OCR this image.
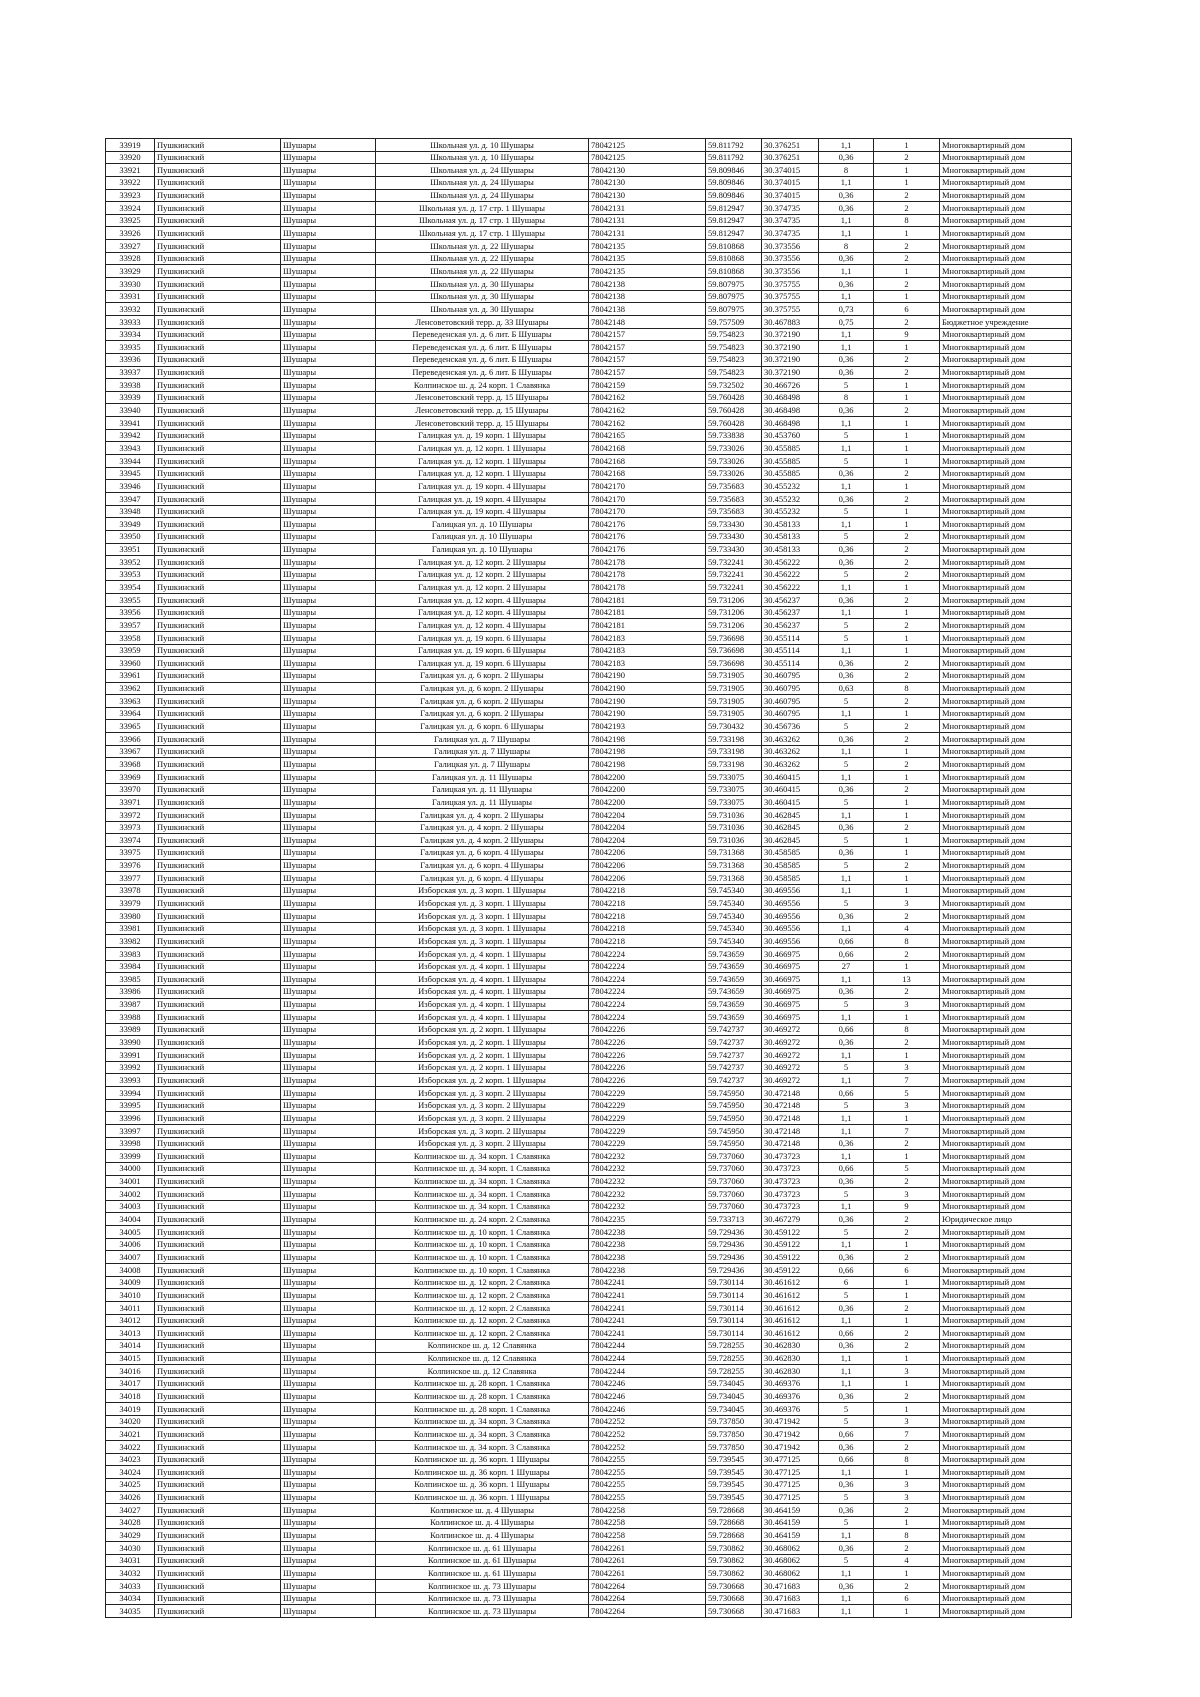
33919	Пушкинский	Шушары	Школьная ул. д. 10 Шушары	78042125	59.811792	30.376251	1,1	1	Многоквартирный дом
33920	Пушкинский	Шушары	Школьная ул. д. 10 Шушары	78042125	59.811792	30.376251	0,36	2	Многоквартирный дом
33921	Пушкинский	Шушары	Школьная ул. д. 24 Шушары	78042130	59.809846	30.374015	8	1	Многоквартирный дом
33922	Пушкинский	Шушары	Школьная ул. д. 24 Шушары	78042130	59.809846	30.374015	1,1	1	Многоквартирный дом
33923	Пушкинский	Шушары	Школьная ул. д. 24 Шушары	78042130	59.809846	30.374015	0,36	2	Многоквартирный дом
33924	Пушкинский	Шушары	Школьная ул. д. 17 стр. 1 Шушары	78042131	59.812947	30.374735	0,36	2	Многоквартирный дом
33925	Пушкинский	Шушары	Школьная ул. д. 17 стр. 1 Шушары	78042131	59.812947	30.374735	1,1	8	Многоквартирный дом
33926	Пушкинский	Шушары	Школьная ул. д. 17 стр. 1 Шушары	78042131	59.812947	30.374735	1,1	1	Многоквартирный дом
33927	Пушкинский	Шушары	Школьная ул. д. 22 Шушары	78042135	59.810868	30.373556	8	2	Многоквартирный дом
33928	Пушкинский	Шушары	Школьная ул. д. 22 Шушары	78042135	59.810868	30.373556	0,36	2	Многоквартирный дом
33929	Пушкинский	Шушары	Школьная ул. д. 22 Шушары	78042135	59.810868	30.373556	1,1	1	Многоквартирный дом
33930	Пушкинский	Шушары	Школьная ул. д. 30 Шушары	78042138	59.807975	30.375755	0,36	2	Многоквартирный дом
33931	Пушкинский	Шушары	Школьная ул. д. 30 Шушары	78042138	59.807975	30.375755	1,1	1	Многоквартирный дом
33932	Пушкинский	Шушары	Школьная ул. д. 30 Шушары	78042138	59.807975	30.375755	0,73	6	Многоквартирный дом
33933	Пушкинский	Шушары	Ленсоветовский терр. д. 33 Шушары	78042148	59.757509	30.467883	0,75	2	Бюджетное учреждение
33934	Пушкинский	Шушары	Переведенская ул. д. 6 лит. Б Шушары	78042157	59.754823	30.372190	1,1	9	Многоквартирный дом
33935	Пушкинский	Шушары	Переведенская ул. д. 6 лит. Б Шушары	78042157	59.754823	30.372190	1,1	1	Многоквартирный дом
33936	Пушкинский	Шушары	Переведенская ул. д. 6 лит. Б Шушары	78042157	59.754823	30.372190	0,36	2	Многоквартирный дом
33937	Пушкинский	Шушары	Переведенская ул. д. 6 лит. Б Шушары	78042157	59.754823	30.372190	0,36	2	Многоквартирный дом
33938	Пушкинский	Шушары	Колпинское ш. д. 24 корп. 1 Славянка	78042159	59.732502	30.466726	5	1	Многоквартирный дом
33939	Пушкинский	Шушары	Ленсоветовский терр. д. 15 Шушары	78042162	59.760428	30.468498	8	1	Многоквартирный дом
33940	Пушкинский	Шушары	Ленсоветовский терр. д. 15 Шушары	78042162	59.760428	30.468498	0,36	2	Многоквартирный дом
33941	Пушкинский	Шушары	Ленсоветовский терр. д. 15 Шушары	78042162	59.760428	30.468498	1,1	1	Многоквартирный дом
33942	Пушкинский	Шушары	Галицкая ул. д. 19 корп. 1 Шушары	78042165	59.733838	30.453760	5	1	Многоквартирный дом
33943	Пушкинский	Шушары	Галицкая ул. д. 12 корп. 1 Шушары	78042168	59.733026	30.455885	1,1	1	Многоквартирный дом
33944	Пушкинский	Шушары	Галицкая ул. д. 12 корп. 1 Шушары	78042168	59.733026	30.455885	5	1	Многоквартирный дом
33945	Пушкинский	Шушары	Галицкая ул. д. 12 корп. 1 Шушары	78042168	59.733026	30.455885	0,36	2	Многоквартирный дом
33946	Пушкинский	Шушары	Галицкая ул. д. 19 корп. 4 Шушары	78042170	59.735683	30.455232	1,1	1	Многоквартирный дом
33947	Пушкинский	Шушары	Галицкая ул. д. 19 корп. 4 Шушары	78042170	59.735683	30.455232	0,36	2	Многоквартирный дом
33948	Пушкинский	Шушары	Галицкая ул. д. 19 корп. 4 Шушары	78042170	59.735683	30.455232	5	1	Многоквартирный дом
33949	Пушкинский	Шушары	Галицкая ул. д. 10 Шушары	78042176	59.733430	30.458133	1,1	1	Многоквартирный дом
33950	Пушкинский	Шушары	Галицкая ул. д. 10 Шушары	78042176	59.733430	30.458133	5	2	Многоквартирный дом
33951	Пушкинский	Шушары	Галицкая ул. д. 10 Шушары	78042176	59.733430	30.458133	0,36	2	Многоквартирный дом
33952	Пушкинский	Шушары	Галицкая ул. д. 12 корп. 2 Шушары	78042178	59.732241	30.456222	0,36	2	Многоквартирный дом
33953	Пушкинский	Шушары	Галицкая ул. д. 12 корп. 2 Шушары	78042178	59.732241	30.456222	5	2	Многоквартирный дом
33954	Пушкинский	Шушары	Галицкая ул. д. 12 корп. 2 Шушары	78042178	59.732241	30.456222	1,1	1	Многоквартирный дом
33955	Пушкинский	Шушары	Галицкая ул. д. 12 корп. 4 Шушары	78042181	59.731206	30.456237	0,36	2	Многоквартирный дом
33956	Пушкинский	Шушары	Галицкая ул. д. 12 корп. 4 Шушары	78042181	59.731206	30.456237	1,1	1	Многоквартирный дом
33957	Пушкинский	Шушары	Галицкая ул. д. 12 корп. 4 Шушары	78042181	59.731206	30.456237	5	2	Многоквартирный дом
33958	Пушкинский	Шушары	Галицкая ул. д. 19 корп. 6 Шушары	78042183	59.736698	30.455114	5	1	Многоквартирный дом
33959	Пушкинский	Шушары	Галицкая ул. д. 19 корп. 6 Шушары	78042183	59.736698	30.455114	1,1	1	Многоквартирный дом
33960	Пушкинский	Шушары	Галицкая ул. д. 19 корп. 6 Шушары	78042183	59.736698	30.455114	0,36	2	Многоквартирный дом
33961	Пушкинский	Шушары	Галицкая ул. д. 6 корп. 2 Шушары	78042190	59.731905	30.460795	0,36	2	Многоквартирный дом
33962	Пушкинский	Шушары	Галицкая ул. д. 6 корп. 2 Шушары	78042190	59.731905	30.460795	0,63	8	Многоквартирный дом
33963	Пушкинский	Шушары	Галицкая ул. д. 6 корп. 2 Шушары	78042190	59.731905	30.460795	5	2	Многоквартирный дом
33964	Пушкинский	Шушары	Галицкая ул. д. 6 корп. 2 Шушары	78042190	59.731905	30.460795	1,1	1	Многоквартирный дом
33965	Пушкинский	Шушары	Галицкая ул. д. 6 корп. 6 Шушары	78042193	59.730432	30.456736	5	2	Многоквартирный дом
33966	Пушкинский	Шушары	Галицкая ул. д. 7 Шушары	78042198	59.733198	30.463262	0,36	2	Многоквартирный дом
33967	Пушкинский	Шушары	Галицкая ул. д. 7 Шушары	78042198	59.733198	30.463262	1,1	1	Многоквартирный дом
33968	Пушкинский	Шушары	Галицкая ул. д. 7 Шушары	78042198	59.733198	30.463262	5	2	Многоквартирный дом
33969	Пушкинский	Шушары	Галицкая ул. д. 11 Шушары	78042200	59.733075	30.460415	1,1	1	Многоквартирный дом
33970	Пушкинский	Шушары	Галицкая ул. д. 11 Шушары	78042200	59.733075	30.460415	0,36	2	Многоквартирный дом
33971	Пушкинский	Шушары	Галицкая ул. д. 11 Шушары	78042200	59.733075	30.460415	5	1	Многоквартирный дом
33972	Пушкинский	Шушары	Галицкая ул. д. 4 корп. 2 Шушары	78042204	59.731036	30.462845	1,1	1	Многоквартирный дом
33973	Пушкинский	Шушары	Галицкая ул. д. 4 корп. 2 Шушары	78042204	59.731036	30.462845	0,36	2	Многоквартирный дом
33974	Пушкинский	Шушары	Галицкая ул. д. 4 корп. 2 Шушары	78042204	59.731036	30.462845	5	1	Многоквартирный дом
33975	Пушкинский	Шушары	Галицкая ул. д. 6 корп. 4 Шушары	78042206	59.731368	30.458585	0,36	1	Многоквартирный дом
33976	Пушкинский	Шушары	Галицкая ул. д. 6 корп. 4 Шушары	78042206	59.731368	30.458585	5	2	Многоквартирный дом
33977	Пушкинский	Шушары	Галицкая ул. д. 6 корп. 4 Шушары	78042206	59.731368	30.458585	1,1	1	Многоквартирный дом
33978	Пушкинский	Шушары	Изборская ул. д. 3 корп. 1 Шушары	78042218	59.745340	30.469556	1,1	1	Многоквартирный дом
33979	Пушкинский	Шушары	Изборская ул. д. 3 корп. 1 Шушары	78042218	59.745340	30.469556	5	3	Многоквартирный дом
33980	Пушкинский	Шушары	Изборская ул. д. 3 корп. 1 Шушары	78042218	59.745340	30.469556	0,36	2	Многоквартирный дом
33981	Пушкинский	Шушары	Изборская ул. д. 3 корп. 1 Шушары	78042218	59.745340	30.469556	1,1	4	Многоквартирный дом
33982	Пушкинский	Шушары	Изборская ул. д. 3 корп. 1 Шушары	78042218	59.745340	30.469556	0,66	8	Многоквартирный дом
33983	Пушкинский	Шушары	Изборская ул. д. 4 корп. 1 Шушары	78042224	59.743659	30.466975	0,66	2	Многоквартирный дом
33984	Пушкинский	Шушары	Изборская ул. д. 4 корп. 1 Шушары	78042224	59.743659	30.466975	27	1	Многоквартирный дом
33985	Пушкинский	Шушары	Изборская ул. д. 4 корп. 1 Шушары	78042224	59.743659	30.466975	1,1	13	Многоквартирный дом
33986	Пушкинский	Шушары	Изборская ул. д. 4 корп. 1 Шушары	78042224	59.743659	30.466975	0,36	2	Многоквартирный дом
33987	Пушкинский	Шушары	Изборская ул. д. 4 корп. 1 Шушары	78042224	59.743659	30.466975	5	3	Многоквартирный дом
33988	Пушкинский	Шушары	Изборская ул. д. 4 корп. 1 Шушары	78042224	59.743659	30.466975	1,1	1	Многоквартирный дом
33989	Пушкинский	Шушары	Изборская ул. д. 2 корп. 1 Шушары	78042226	59.742737	30.469272	0,66	8	Многоквартирный дом
33990	Пушкинский	Шушары	Изборская ул. д. 2 корп. 1 Шушары	78042226	59.742737	30.469272	0,36	2	Многоквартирный дом
33991	Пушкинский	Шушары	Изборская ул. д. 2 корп. 1 Шушары	78042226	59.742737	30.469272	1,1	1	Многоквартирный дом
33992	Пушкинский	Шушары	Изборская ул. д. 2 корп. 1 Шушары	78042226	59.742737	30.469272	5	3	Многоквартирный дом
33993	Пушкинский	Шушары	Изборская ул. д. 2 корп. 1 Шушары	78042226	59.742737	30.469272	1,1	7	Многоквартирный дом
33994	Пушкинский	Шушары	Изборская ул. д. 3 корп. 2 Шушары	78042229	59.745950	30.472148	0,66	5	Многоквартирный дом
33995	Пушкинский	Шушары	Изборская ул. д. 3 корп. 2 Шушары	78042229	59.745950	30.472148	5	3	Многоквартирный дом
33996	Пушкинский	Шушары	Изборская ул. д. 3 корп. 2 Шушары	78042229	59.745950	30.472148	1,1	1	Многоквартирный дом
33997	Пушкинский	Шушары	Изборская ул. д. 3 корп. 2 Шушары	78042229	59.745950	30.472148	1,1	7	Многоквартирный дом
33998	Пушкинский	Шушары	Изборская ул. д. 3 корп. 2 Шушары	78042229	59.745950	30.472148	0,36	2	Многоквартирный дом
33999	Пушкинский	Шушары	Колпинское ш. д. 34 корп. 1 Славянка	78042232	59.737060	30.473723	1,1	1	Многоквартирный дом
34000	Пушкинский	Шушары	Колпинское ш. д. 34 корп. 1 Славянка	78042232	59.737060	30.473723	0,66	5	Многоквартирный дом
34001	Пушкинский	Шушары	Колпинское ш. д. 34 корп. 1 Славянка	78042232	59.737060	30.473723	0,36	2	Многоквартирный дом
34002	Пушкинский	Шушары	Колпинское ш. д. 34 корп. 1 Славянка	78042232	59.737060	30.473723	5	3	Многоквартирный дом
34003	Пушкинский	Шушары	Колпинское ш. д. 34 корп. 1 Славянка	78042232	59.737060	30.473723	1,1	9	Многоквартирный дом
34004	Пушкинский	Шушары	Колпинское ш. д. 24 корп. 2 Славянка	78042235	59.733713	30.467279	0,36	2	Юридическое лицо
34005	Пушкинский	Шушары	Колпинское ш. д. 10 корп. 1 Славянка	78042238	59.729436	30.459122	5	2	Многоквартирный дом
34006	Пушкинский	Шушары	Колпинское ш. д. 10 корп. 1 Славянка	78042238	59.729436	30.459122	1,1	1	Многоквартирный дом
34007	Пушкинский	Шушары	Колпинское ш. д. 10 корп. 1 Славянка	78042238	59.729436	30.459122	0,36	2	Многоквартирный дом
34008	Пушкинский	Шушары	Колпинское ш. д. 10 корп. 1 Славянка	78042238	59.729436	30.459122	0,66	6	Многоквартирный дом
34009	Пушкинский	Шушары	Колпинское ш. д. 12 корп. 2 Славянка	78042241	59.730114	30.461612	6	1	Многоквартирный дом
34010	Пушкинский	Шушары	Колпинское ш. д. 12 корп. 2 Славянка	78042241	59.730114	30.461612	5	1	Многоквартирный дом
34011	Пушкинский	Шушары	Колпинское ш. д. 12 корп. 2 Славянка	78042241	59.730114	30.461612	0,36	2	Многоквартирный дом
34012	Пушкинский	Шушары	Колпинское ш. д. 12 корп. 2 Славянка	78042241	59.730114	30.461612	1,1	1	Многоквартирный дом
34013	Пушкинский	Шушары	Колпинское ш. д. 12 корп. 2 Славянка	78042241	59.730114	30.461612	0,66	2	Многоквартирный дом
34014	Пушкинский	Шушары	Колпинское ш. д. 12 Славянка	78042244	59.728255	30.462830	0,36	2	Многоквартирный дом
34015	Пушкинский	Шушары	Колпинское ш. д. 12 Славянка	78042244	59.728255	30.462830	1,1	1	Многоквартирный дом
34016	Пушкинский	Шушары	Колпинское ш. д. 12 Славянка	78042244	59.728255	30.462830	1,1	3	Многоквартирный дом
34017	Пушкинский	Шушары	Колпинское ш. д. 28 корп. 1 Славянка	78042246	59.734045	30.469376	1,1	1	Многоквартирный дом
34018	Пушкинский	Шушары	Колпинское ш. д. 28 корп. 1 Славянка	78042246	59.734045	30.469376	0,36	2	Многоквартирный дом
34019	Пушкинский	Шушары	Колпинское ш. д. 28 корп. 1 Славянка	78042246	59.734045	30.469376	5	1	Многоквартирный дом
34020	Пушкинский	Шушары	Колпинское ш. д. 34 корп. 3 Славянка	78042252	59.737850	30.471942	5	3	Многоквартирный дом
34021	Пушкинский	Шушары	Колпинское ш. д. 34 корп. 3 Славянка	78042252	59.737850	30.471942	0,66	7	Многоквартирный дом
34022	Пушкинский	Шушары	Колпинское ш. д. 34 корп. 3 Славянка	78042252	59.737850	30.471942	0,36	2	Многоквартирный дом
34023	Пушкинский	Шушары	Колпинское ш. д. 36 корп. 1 Шушары	78042255	59.739545	30.477125	0,66	8	Многоквартирный дом
34024	Пушкинский	Шушары	Колпинское ш. д. 36 корп. 1 Шушары	78042255	59.739545	30.477125	1,1	1	Многоквартирный дом
34025	Пушкинский	Шушары	Колпинское ш. д. 36 корп. 1 Шушары	78042255	59.739545	30.477125	0,36	3	Многоквартирный дом
34026	Пушкинский	Шушары	Колпинское ш. д. 36 корп. 1 Шушары	78042255	59.739545	30.477125	5	3	Многоквартирный дом
34027	Пушкинский	Шушары	Колпинское ш. д. 4 Шушары	78042258	59.728668	30.464159	0,36	2	Многоквартирный дом
34028	Пушкинский	Шушары	Колпинское ш. д. 4 Шушары	78042258	59.728668	30.464159	5	1	Многоквартирный дом
34029	Пушкинский	Шушары	Колпинское ш. д. 4 Шушары	78042258	59.728668	30.464159	1,1	8	Многоквартирный дом
34030	Пушкинский	Шушары	Колпинское ш. д. 61 Шушары	78042261	59.730862	30.468062	0,36	2	Многоквартирный дом
34031	Пушкинский	Шушары	Колпинское ш. д. 61 Шушары	78042261	59.730862	30.468062	5	4	Многоквартирный дом
34032	Пушкинский	Шушары	Колпинское ш. д. 61 Шушары	78042261	59.730862	30.468062	1,1	1	Многоквартирный дом
34033	Пушкинский	Шушары	Колпинское ш. д. 73 Шушары	78042264	59.730668	30.471683	0,36	2	Многоквартирный дом
34034	Пушкинский	Шушары	Колпинское ш. д. 73 Шушары	78042264	59.730668	30.471683	1,1	6	Многоквартирный дом
34035	Пушкинский	Шушары	Колпинское ш. д. 73 Шушары	78042264	59.730668	30.471683	1,1	1	Многоквартирный дом
